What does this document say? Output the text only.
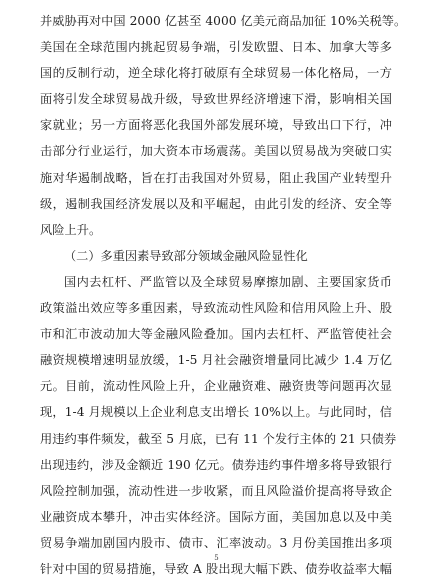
并威胁再对中国 2000 亿甚至 4000 亿美元商品加征 10%关税等。

美国在全球范围内挑起贸易争端，引发欧盟、日本、加拿大等多

国的反制行动，逆全球化将打破原有全球贸易一体化格局，一方

面将引发全球贸易战升级，导致世界经济增速下滑，影响相关国

家就业；另一方面将恶化我国外部发展环境，导致出口下行，冲

击部分行业运行，加大资本市场震荡。美国以贸易战为突破口实

施对华遏制战略，旨在打击我国对外贸易，阻止我国产业转型升

级，遏制我国经济发展以及和平崛起，由此引发的经济、安全等

风险上升。

（二）多重因素导致部分领域金融风险显性化

国内去杠杆、严监管以及全球贸易摩擦加剧、主要国家货币

政策溢出效应等多重因素，导致流动性风险和信用风险上升、股

市和汇市波动加大等金融风险叠加。国内去杠杆、严监管使社会

融资规模增速明显放缓，1-5 月社会融资增量同比减少 1.4 万亿

元。目前，流动性风险上升，企业融资难、融资贵等问题再次显

现，1-4 月规模以上企业利息支出增长 10%以上。与此同时，信

用违约事件频发，截至 5 月底，已有 11 个发行主体的 21 只债券

出现违约，涉及金额近 190 亿元。债券违约事件增多将导致银行

风险控制加强，流动性进一步收紧，而且风险溢价提高将导致企

业融资成本攀升，冲击实体经济。国际方面，美国加息以及中美

贸易争端加剧国内股市、债市、汇率波动。3 月份美国推出多项

针对中国的贸易措施，导致 A 股出现大幅下跌、债券收益率大幅

5
